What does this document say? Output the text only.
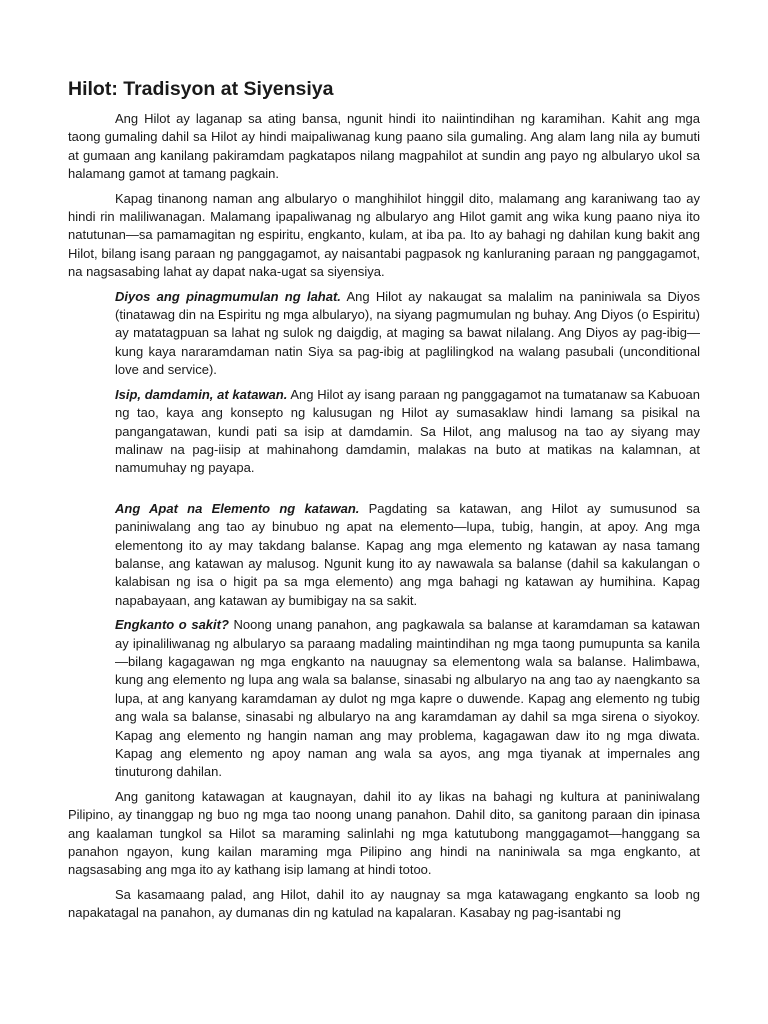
Hilot: Tradisyon at Siyensiya

Ang Hilot ay laganap sa ating bansa, ngunit hindi ito naiintindihan ng karamihan. Kahit ang mga taong gumaling dahil sa Hilot ay hindi maipaliwanag kung paano sila gumaling. Ang alam lang nila ay bumuti at gumaan ang kanilang pakiramdam pagkatapos nilang magpahilot at sundin ang payo ng albularyo ukol sa halamang gamot at tamang pagkain.

Kapag tinanong naman ang albularyo o manghihilot hinggil dito, malamang ang karaniwang tao ay hindi rin maliliwanagan. Malamang ipapaliwanag ng albularyo ang Hilot gamit ang wika kung paano niya ito natutunan—sa pamamagitan ng espiritu, engkanto, kulam, at iba pa. Ito ay bahagi ng dahilan kung bakit ang Hilot, bilang isang paraan ng panggagamot, ay naisantabi pagpasok ng kanluraning paraan ng panggagamot, na nagsasabing lahat ay dapat naka-ugat sa siyensiya.

Diyos ang pinagmumulan ng lahat. Ang Hilot ay nakaugat sa malalim na paniniwala sa Diyos (tinatawag din na Espiritu ng mga albularyo), na siyang pagmumulan ng buhay. Ang Diyos (o Espiritu) ay matatagpuan sa lahat ng sulok ng daigdig, at maging sa bawat nilalang. Ang Diyos ay pag-ibig—kung kaya nararamdaman natin Siya sa pag-ibig at paglilingkod na walang pasubali (unconditional love and service).

Isip, damdamin, at katawan. Ang Hilot ay isang paraan ng panggagamot na tumatanaw sa Kabuoan ng tao, kaya ang konsepto ng kalusugan ng Hilot ay sumasaklaw hindi lamang sa pisikal na pangangatawan, kundi pati sa isip at damdamin. Sa Hilot, ang malusog na tao ay siyang may malinaw na pag-iisip at mahinahong damdamin, malakas na buto at matikas na kalamnan, at namumuhay ng payapa.

Ang Apat na Elemento ng katawan. Pagdating sa katawan, ang Hilot ay sumusunod sa paniniwalang ang tao ay binubuo ng apat na elemento—lupa, tubig, hangin, at apoy. Ang mga elementong ito ay may takdang balanse. Kapag ang mga elemento ng katawan ay nasa tamang balanse, ang katawan ay malusog. Ngunit kung ito ay nawawala sa balanse (dahil sa kakulangan o kalabisan ng isa o higit pa sa mga elemento) ang mga bahagi ng katawan ay humihina. Kapag napabayaan, ang katawan ay bumibigay na sa sakit.

Engkanto o sakit? Noong unang panahon, ang pagkawala sa balanse at karamdaman sa katawan ay ipinaliliwanag ng albularyo sa paraang madaling maintindihan ng mga taong pumupunta sa kanila—bilang kagagawan ng mga engkanto na nauugnay sa elementong wala sa balanse. Halimbawa, kung ang elemento ng lupa ang wala sa balanse, sinasabi ng albularyo na ang tao ay naengkanto sa lupa, at ang kanyang karamdaman ay dulot ng mga kapre o duwende. Kapag ang elemento ng tubig ang wala sa balanse, sinasabi ng albularyo na ang karamdaman ay dahil sa mga sirena o siyokoy. Kapag ang elemento ng hangin naman ang may problema, kagagawan daw ito ng mga diwata. Kapag ang elemento ng apoy naman ang wala sa ayos, ang mga tiyanak at impernales ang tinuturong dahilan.

Ang ganitong katawagan at kaugnayan, dahil ito ay likas na bahagi ng kultura at paniniwalang Pilipino, ay tinanggap ng buo ng mga tao noong unang panahon. Dahil dito, sa ganitong paraan din ipinasa ang kaalaman tungkol sa Hilot sa maraming salinlahi ng mga katutubong manggagamot—hanggang sa panahon ngayon, kung kailan maraming mga Pilipino ang hindi na naniniwala sa mga engkanto, at nagsasabing ang mga ito ay kathang isip lamang at hindi totoo.

Sa kasamaang palad, ang Hilot, dahil ito ay naugnay sa mga katawagang engkanto sa loob ng napakatagal na panahon, ay dumanas din ng katulad na kapalaran. Kasabay ng pag-isantabi ng
